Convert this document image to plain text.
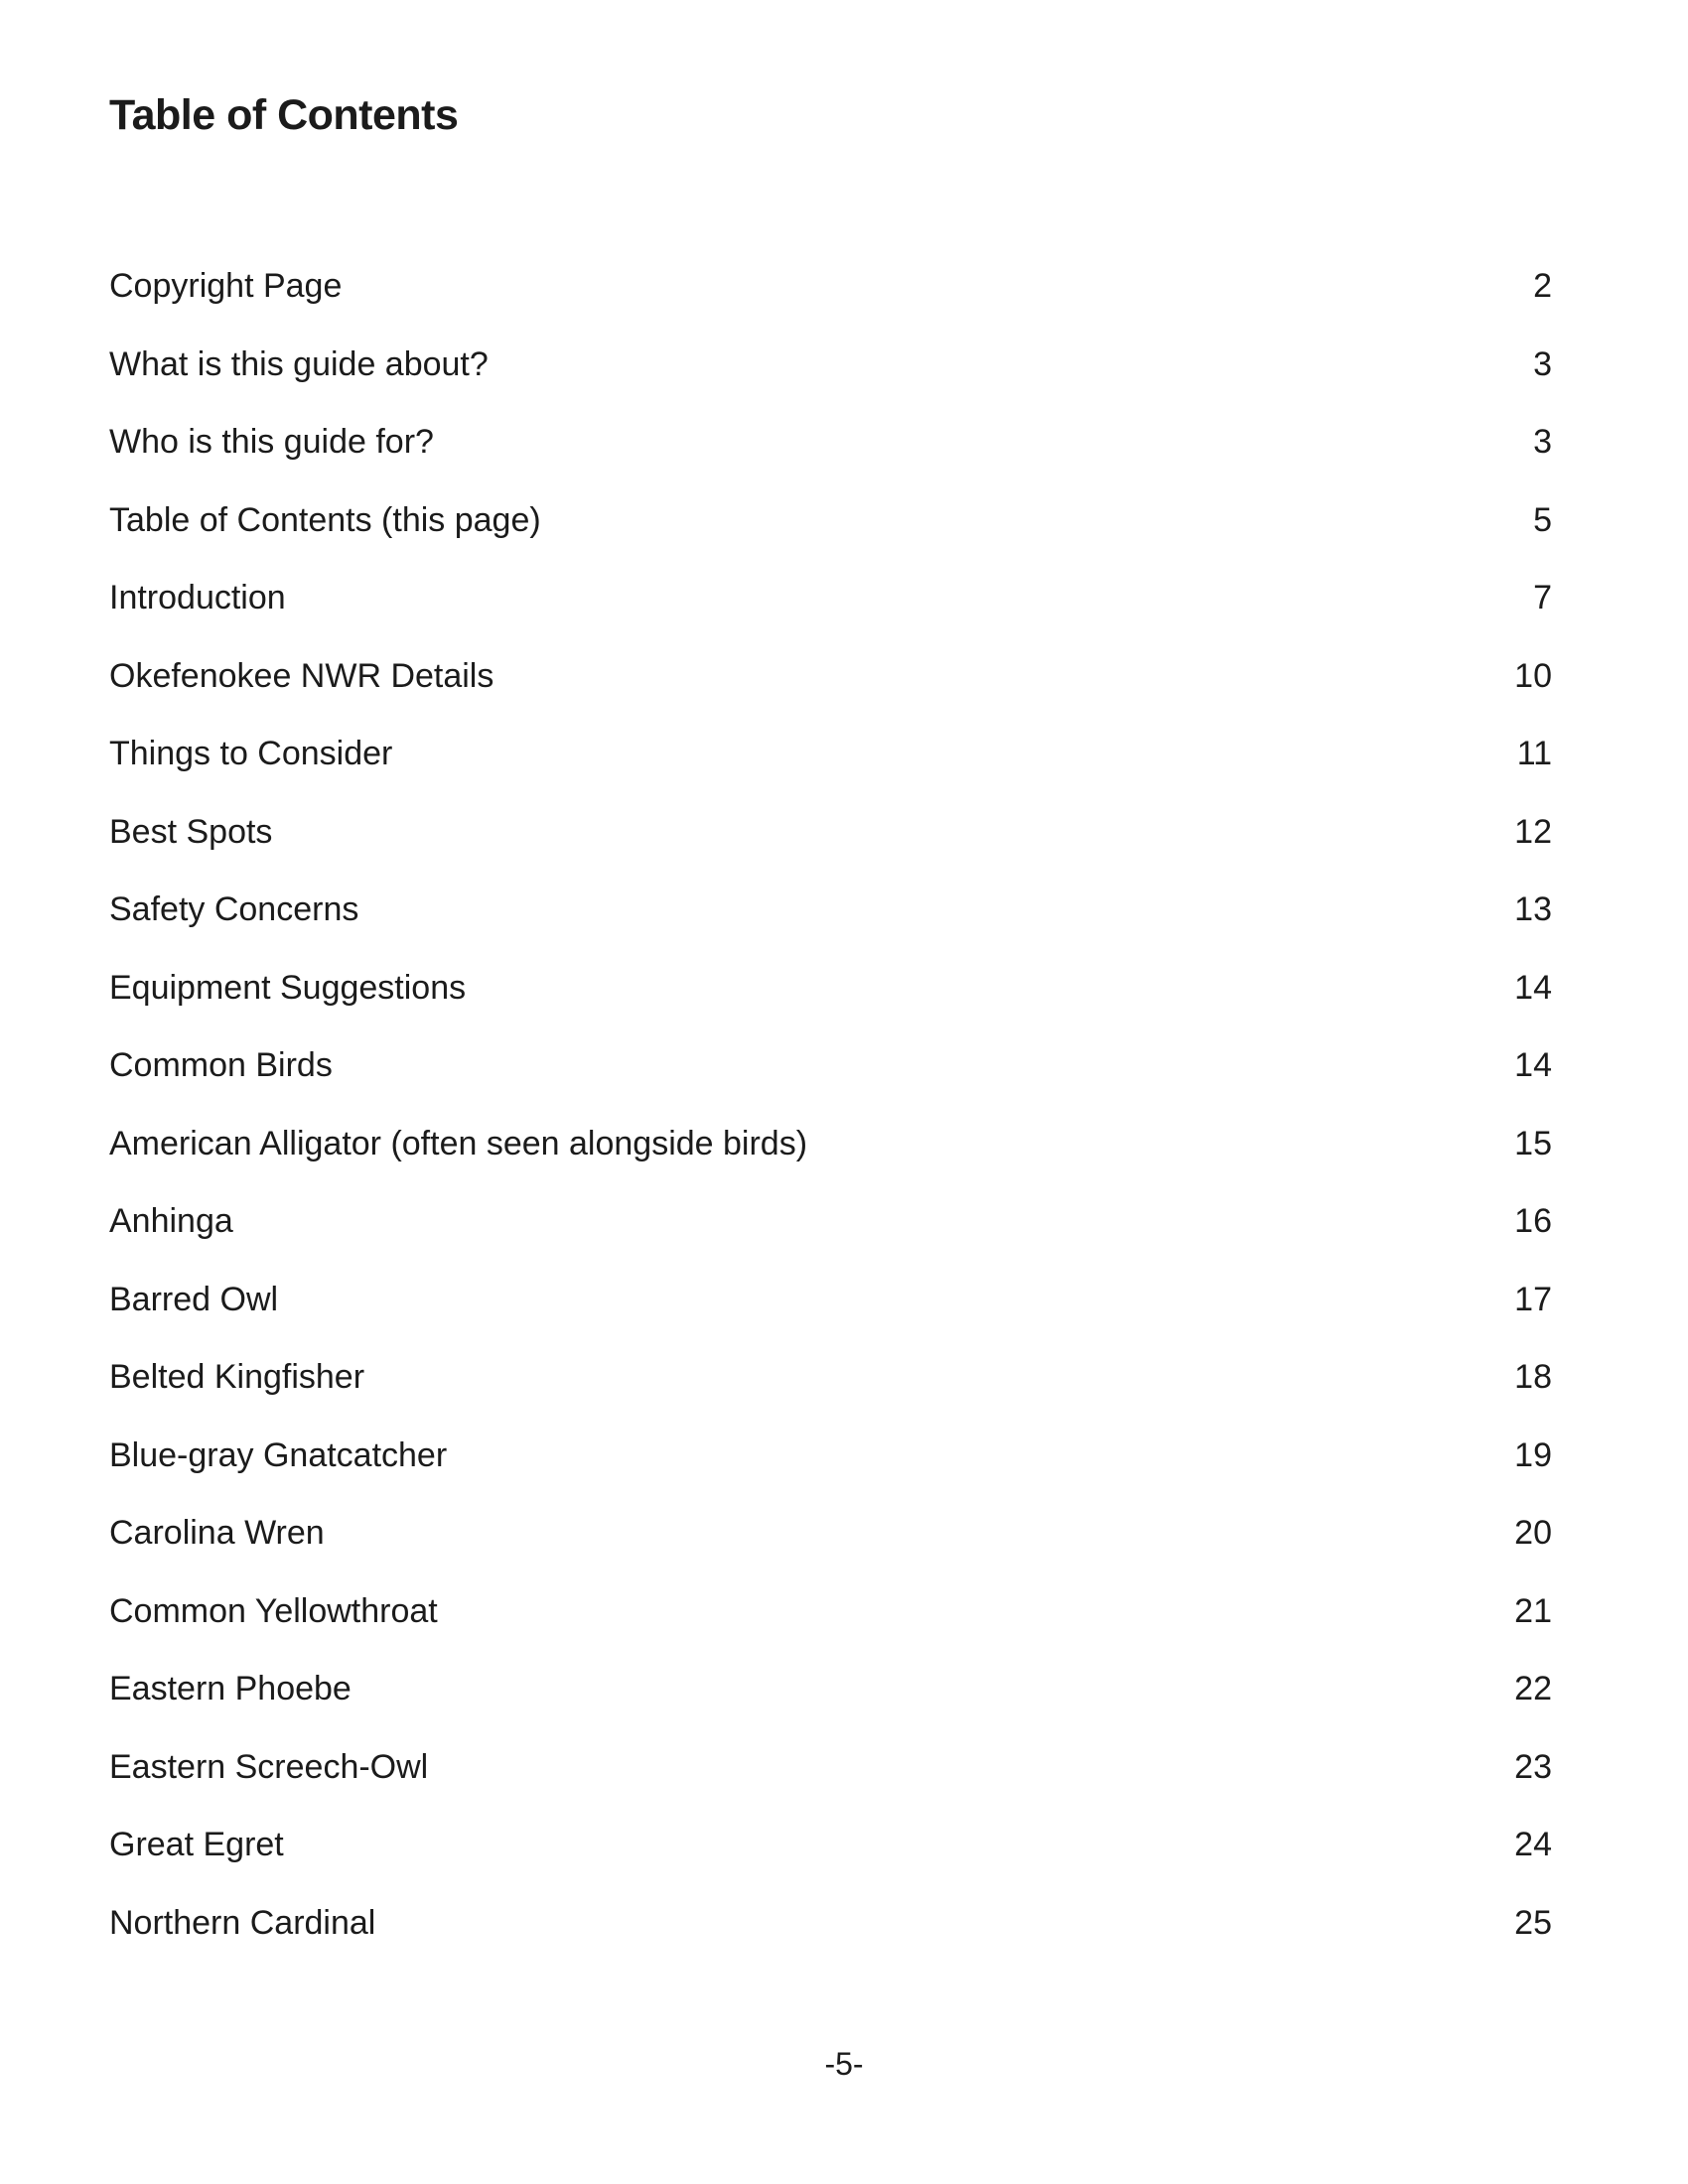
Table of Contents
Copyright Page	2
What is this guide about?	3
Who is this guide for?	3
Table of Contents (this page)	5
Introduction	7
Okefenokee NWR Details	10
Things to Consider	11
Best Spots	12
Safety Concerns	13
Equipment Suggestions	14
Common Birds	14
American Alligator (often seen alongside birds)	15
Anhinga	16
Barred Owl	17
Belted Kingfisher	18
Blue-gray Gnatcatcher	19
Carolina Wren	20
Common Yellowthroat	21
Eastern Phoebe	22
Eastern Screech-Owl	23
Great Egret	24
Northern Cardinal	25
-5-
